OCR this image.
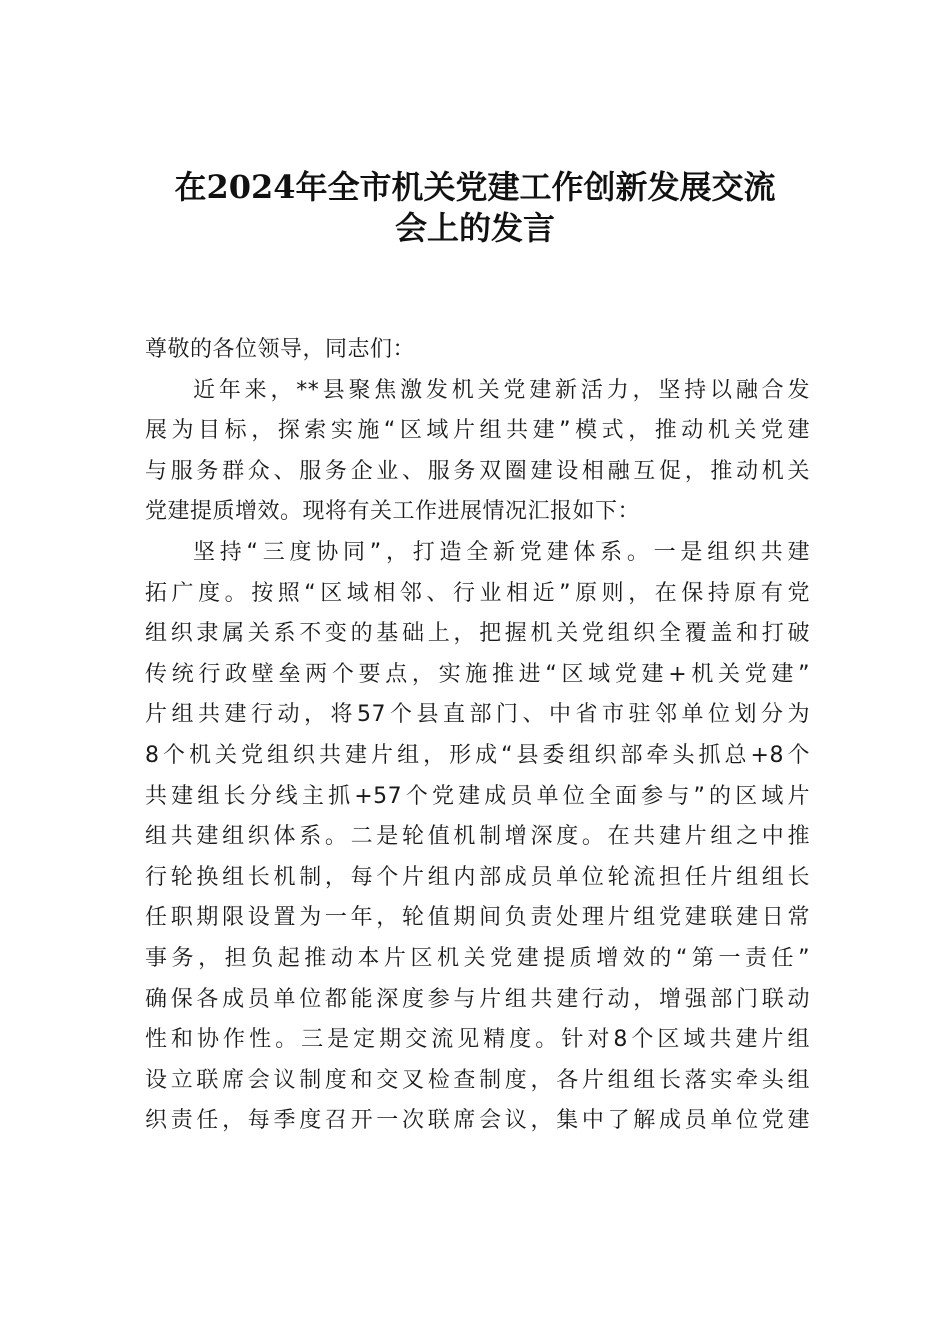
在2024年全市机关党建工作创新发展交流
会上的发言
尊敬的各位领导，同志们：
近年来，**县聚焦激发机关党建新活力，坚持以融合发
展为目标，探索实施“区域片组共建”模式，推动机关党建
与服务群众、服务企业、服务双圈建设相融互促，推动机关
党建提质增效。现将有关工作进展情况汇报如下：
坚持“三度协同”，打造全新党建体系。一是组织共建
拓广度。按照“区域相邻、行业相近”原则，在保持原有党
组织隶属关系不变的基础上，把握机关党组织全覆盖和打破
传统行政壁垒两个要点，实施推进“区域党建+机关党建”
片组共建行动，将57个县直部门、中省市驻邻单位划分为
8个机关党组织共建片组，形成“县委组织部牵头抓总+8个
共建组长分线主抓+57个党建成员单位全面参与”的区域片
组共建组织体系。二是轮值机制增深度。在共建片组之中推
行轮换组长机制，每个片组内部成员单位轮流担任片组组长
任职期限设置为一年，轮值期间负责处理片组党建联建日常
事务，担负起推动本片区机关党建提质增效的“第一责任”
确保各成员单位都能深度参与片组共建行动，增强部门联动
性和协作性。三是定期交流见精度。针对8个区域共建片组
设立联席会议制度和交叉检查制度，各片组组长落实牵头组
织责任，每季度召开一次联席会议，集中了解成员单位党建
